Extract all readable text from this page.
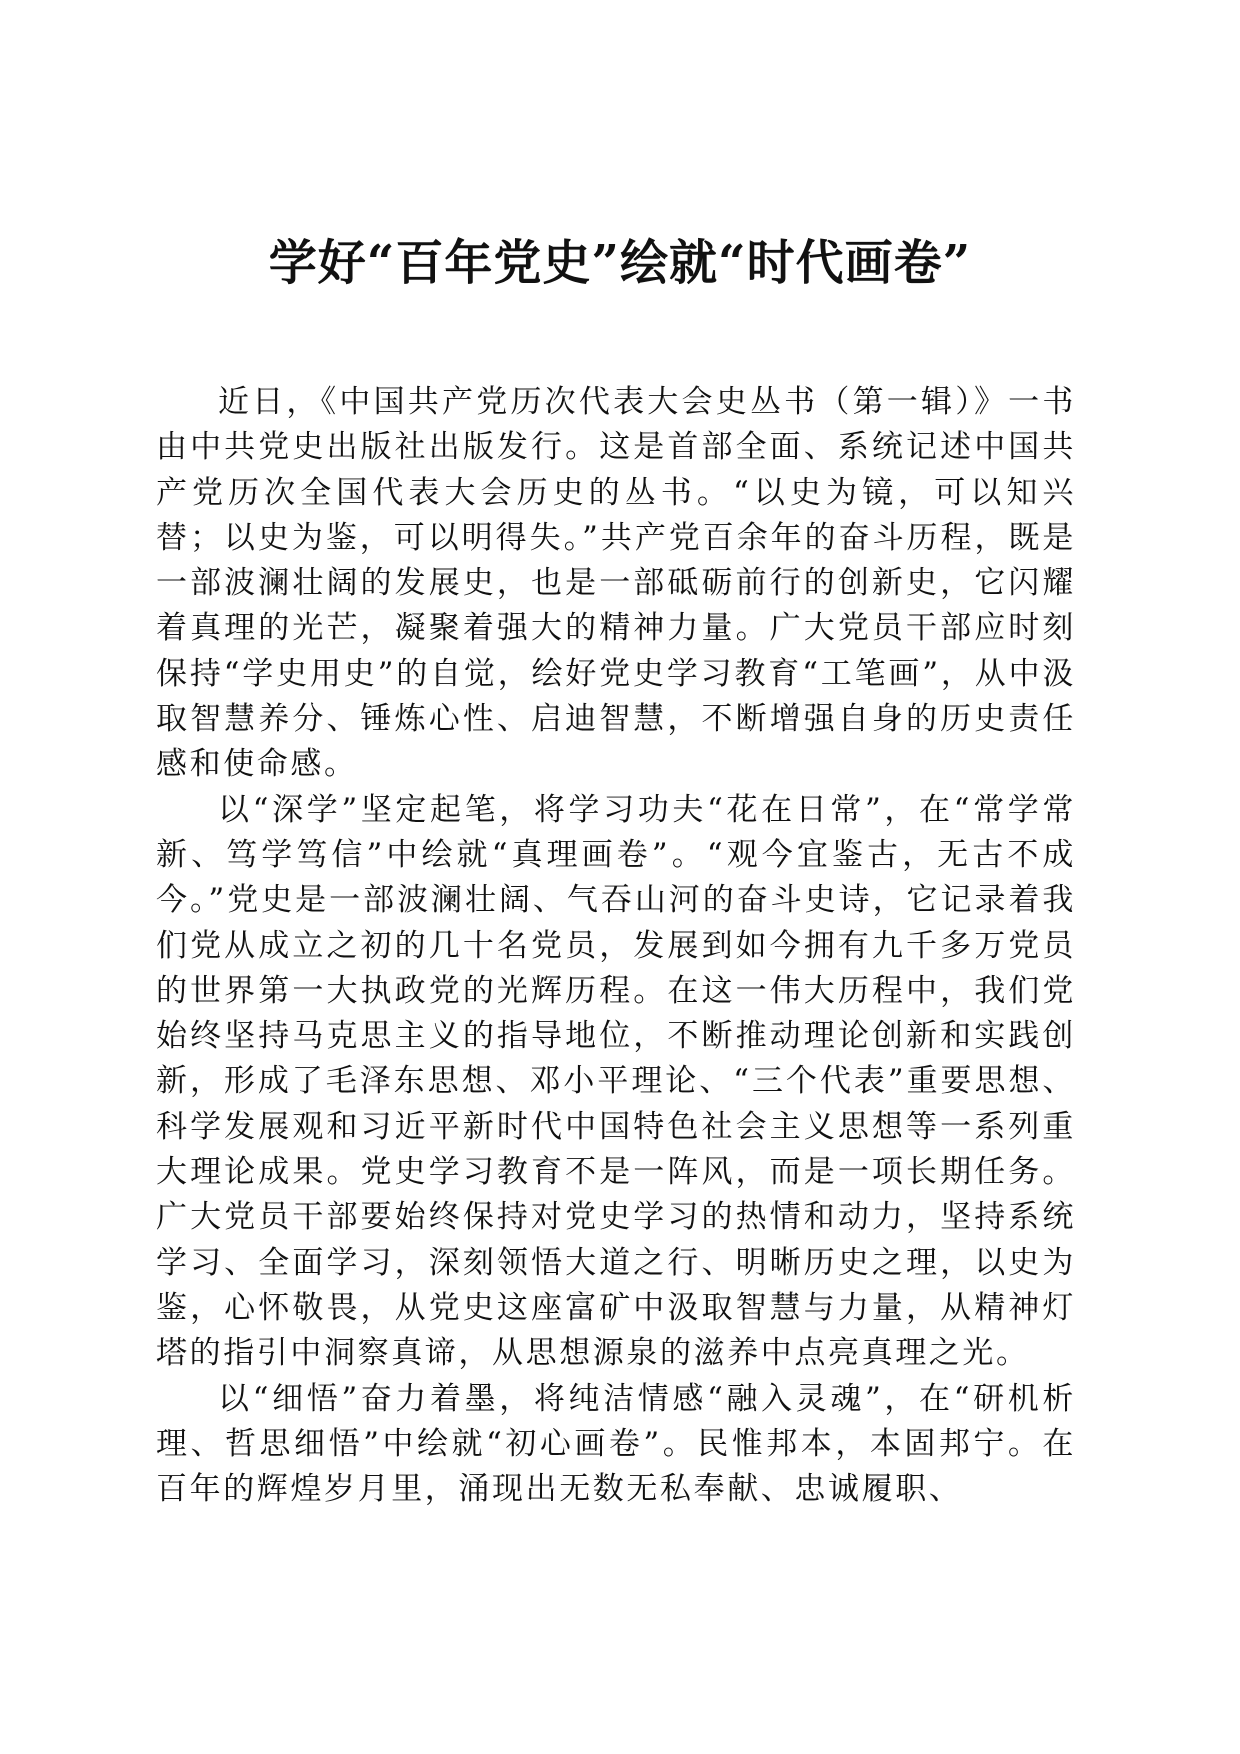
学好“百年党史”绘就“时代画卷”

近日，《中国共产党历次代表大会史丛书（第一辑）》一书由中共党史出版社出版发行。这是首部全面、系统记述中国共产党历次全国代表大会历史的丛书。“以史为镜，可以知兴替；以史为鉴，可以明得失。”共产党百余年的奋斗历程，既是一部波澜壮阔的发展史，也是一部砥砺前行的创新史，它闪耀着真理的光芒，凝聚着强大的精神力量。广大党员干部应时刻保持“学史用史”的自觉，绘好党史学习教育“工笔画”，从中汲取智慧养分、锤炼心性、启迪智慧，不断增强自身的历史责任感和使命感。

以“深学”坚定起笔，将学习功夫“花在日常”，在“常学常新、笃学笃信”中绘就“真理画卷”。“观今宜鉴古，无古不成今。”党史是一部波澜壮阔、气吞山河的奋斗史诗，它记录着我们党从成立之初的几十名党员，发展到如今拥有九千多万党员的世界第一大执政党的光辉历程。在这一伟大历程中，我们党始终坚持马克思主义的指导地位，不断推动理论创新和实践创新，形成了毛泽东思想、邓小平理论、“三个代表”重要思想、科学发展观和习近平新时代中国特色社会主义思想等一系列重大理论成果。党史学习教育不是一阵风，而是一项长期任务。广大党员干部要始终保持对党史学习的热情和动力，坚持系统学习、全面学习，深刻领悟大道之行、明晰历史之理，以史为鉴，心怀敬畏，从党史这座富矿中汲取智慧与力量，从精神灯塔的指引中洞察真谛，从思想源泉的滋养中点亮真理之光。

以“细悟”奋力着墨，将纯洁情感“融入灵魂”，在“研机析理、哲思细悟”中绘就“初心画卷”。民惟邦本，本固邦宁。在百年的辉煌岁月里，涌现出无数无私奉献、忠诚履职、
